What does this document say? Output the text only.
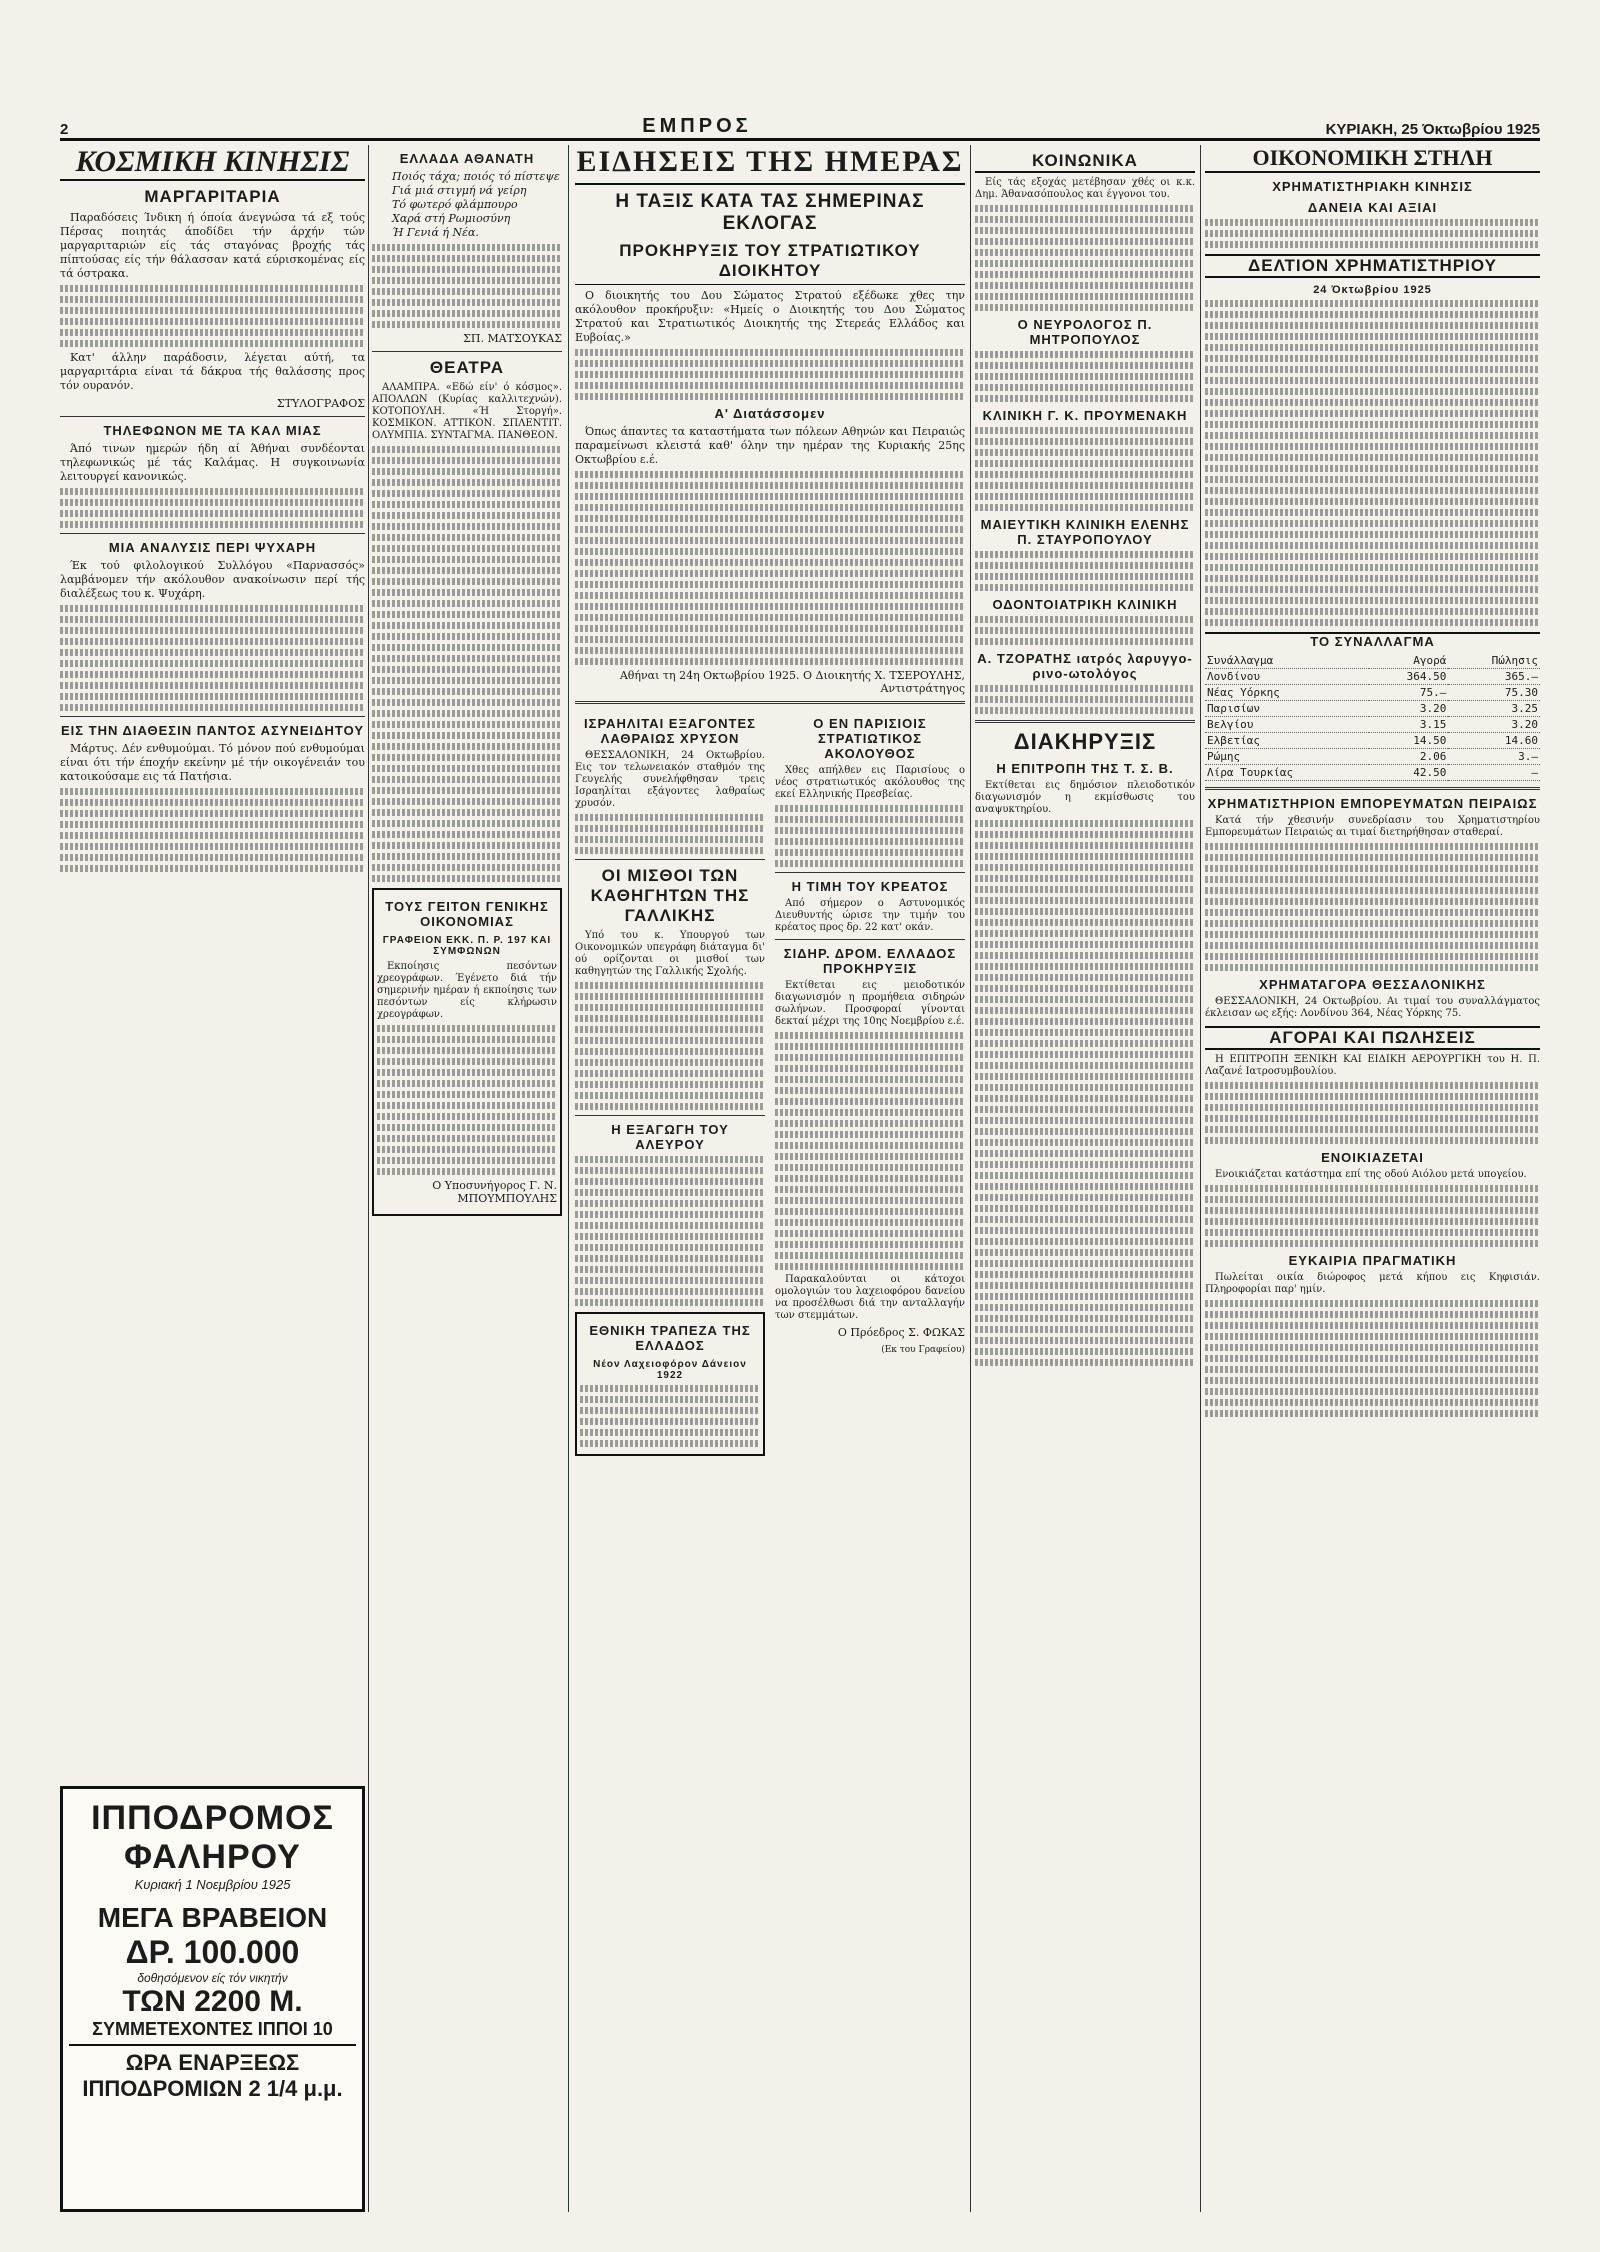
2	ΕΜΠΡΟΣ	ΚΥΡΙΑΚΗ, 25 Όκτωβρίου 1925
ΚΟΣΜΙΚΗ ΚΙΝΗΣΙΣ
ΜΑΡΓΑΡΙΤΑΡΙΑ

Παραδόσεις Ίνδικη ή όποία άνεγνώσα τά εξ τούς Πέρσας ποιητάς άποδίδει τήν άρχήν τών μαργαριταριών είς τάς σταγόνας βροχής τάς πίπτούσας είς τήν θάλασσαν κατά εύρισκομένας είς τά όστρακα.

Κατ' άλλην παράδοσιν, λέγεται αύτή, τα μαργαριτάρια είναι τά δάκρυα τής θαλάσσης προς τόν ουρανόν.

ΣΤΥΛΟΓΡΑΦΟΣ
ΤΗΛΕΦΩΝΟΝ ΜΕ ΤΑ ΚΑΛ ΜΙΑΣ

Άπό τινων ημερών ήδη αί Άθήναι συνδέονται τηλεφωνικώς μέ τάς Καλάμας. Η συγκοινωνία λειτουργεί κανονικώς.

ΜΙΑ ΑΝΑΛΥΣΙΣ ΠΕΡΙ ΨΥΧΑΡΗ

Έκ τού φιλολογικού Συλλόγου «Παρνασσός» λαμβάνομεν τήν ακόλουθον ανακοίνωσιν περί τής διαλέξεως του κ. Ψυχάρη.

ΕΙΣ ΤΗΝ ΔΙΑΘΕΣΙΝ ΠΑΝΤΟΣ ΑΣΥΝΕΙΔΗΤΟΥ

Μάρτυς. Δέν ενθυμούμαι. Τό μόνον πού ενθυμούμαι είναι ότι τήν έποχήν εκείνην μέ τήν οικογένειάν του κατοικούσαμε εις τά Πατήσια.

ΙΠΠΟΔΡΟΜΟΣ ΦΑΛΗΡΟΥ
Κυριακή 1 Νοεμβρίου 1925
ΜΕΓΑ ΒΡΑΒΕΙΟΝ
ΔΡ. 100.000
δοθησόμενον είς τόν νικητήν
ΤΩΝ 2200 Μ.
ΣΥΜΜΕΤΕΧΟΝΤΕΣ ΙΠΠΟΙ 10
ΩΡΑ ΕΝΑΡΞΕΩΣ ΙΠΠΟΔΡΟΜΙΩΝ 2 1/4 μ.μ.
ΕΛΛΑΔΑ ΑΘΑΝΑΤΗ
Ποιός τάχα; ποιός τό πίστεψε
Γιά μιά στιγμή νά γείρη
Τό φωτερό φλάμπουρο
Χαρά στή Ρωμιοσύνη
Ή Γενιά ή Νέα.
ΣΠ. ΜΑΤΣΟΥΚΑΣ
ΘΕΑΤΡΑ

ΑΛΑΜΠΡΑ. «Εδώ είν' ό κόσμος». ΑΠΟΛΛΩΝ (Κυρίας καλλιτεχνών). ΚΟΤΟΠΟΥΛΗ. «Ή Στοργή». ΚΟΣΜΙΚΟΝ. ΑΤΤΙΚΟΝ. ΣΠΛΕΝΤΙΤ. ΟΛΥΜΠΙΑ. ΣΥΝΤΑΓΜΑ. ΠΑΝΘΕΟΝ.

ΤΟΥΣ ΓΕΙΤΟΝ ΓΕΝΙΚΗΣ ΟΙΚΟΝΟΜΙΑΣ
ΓΡΑΦΕΙΟΝ ΕΚΚ. Π. Ρ. 197 ΚΑΙ ΣΥΜΦΩΝΩΝ

Εκποίησις πεσόντων χρεογράφων. Έγένετο διά τήν σημερινήν ημέραν ή εκποίησις των πεσόντων είς κλήρωσιν χρεογράφων.

Ο Υποσυνήγορος Γ. Ν. ΜΠΟΥΜΠΟΥΛΗΣ
ΕΙΔΗΣΕΙΣ ΤΗΣ ΗΜΕΡΑΣ
Η ΤΑΞΙΣ ΚΑΤΑ ΤΑΣ ΣΗΜΕΡΙΝΑΣ ΕΚΛΟΓΑΣ
ΠΡΟΚΗΡΥΞΙΣ ΤΟΥ ΣΤΡΑΤΙΩΤΙΚΟΥ ΔΙΟΙΚΗΤΟΥ

Ο διοικητής του Δου Σώματος Στρατού εξέδωκε χθες την ακόλουθον προκήρυξιν: «Ημείς ο Διοικητής του Δου Σώματος Στρατού και Στρατιωτικός Διοικητής της Στερεάς Ελλάδος και Ευβοίας.»

Α' Διατάσσομεν

Όπως άπαντες τα καταστήματα των πόλεων Αθηνών και Πειραιώς παραμείνωσι κλειστά καθ' όλην την ημέραν της Κυριακής 25ης Οκτωβρίου ε.έ.

Αθήναι τη 24η Οκτωβρίου 1925. Ο Διοικητής Χ. ΤΣΕΡΟΥΛΗΣ, Αντιστράτηγος
ΙΣΡΑΗΛΙΤΑΙ ΕΞΑΓΟΝΤΕΣ ΛΑΘΡΑΙΩΣ ΧΡΥΣΟΝ

ΘΕΣΣΑΛΟΝΙΚΗ, 24 Οκτωβρίου. Εις τον τελωνειακόν σταθμόν της Γευγελής συνελήφθησαν τρεις Ισραηλίται εξάγοντες λαθραίως χρυσόν.

ΟΙ ΜΙΣΘΟΙ ΤΩΝ ΚΑΘΗΓΗΤΩΝ ΤΗΣ ΓΑΛΛΙΚΗΣ

Υπό του κ. Υπουργού των Οικονομικών υπεγράφη διάταγμα δι' ού ορίζονται οι μισθοί των καθηγητών της Γαλλικής Σχολής.

Η ΕΞΑΓΩΓΗ ΤΟΥ ΑΛΕΥΡΟΥ
ΕΘΝΙΚΗ ΤΡΑΠΕΖΑ ΤΗΣ ΕΛΛΑΔΟΣ
Νέον Λαχειοφόρον Δάνειον 1922
Ο ΕΝ ΠΑΡΙΣΙΟΙΣ ΣΤΡΑΤΙΩΤΙΚΟΣ ΑΚΟΛΟΥΘΟΣ

Χθες απήλθεν εις Παρισίους ο νέος στρατιωτικός ακόλουθος της εκεί Ελληνικής Πρεσβείας.

Η ΤΙΜΗ ΤΟΥ ΚΡΕΑΤΟΣ

Από σήμερον ο Αστυνομικός Διευθυντής ώρισε την τιμήν του κρέατος προς δρ. 22 κατ' οκάν.

ΣΙΔΗΡ. ΔΡΟΜ. ΕΛΛΑΔΟΣ ΠΡΟΚΗΡΥΞΙΣ

Εκτίθεται εις μειοδοτικόν διαγωνισμόν η προμήθεια σιδηρών σωλήνων. Προσφοραί γίνονται δεκταί μέχρι της 10ης Νοεμβρίου ε.έ.

Παρακαλούνται οι κάτοχοι ομολογιών του λαχειοφόρου δανείου να προσέλθωσι διά την ανταλλαγήν των στεμμάτων.

Ο Πρόεδρος Σ. ΦΩΚΑΣ
(Εκ του Γραφείου)
ΚΟΙΝΩΝΙΚΑ

Είς τάς εξοχάς μετέβησαν χθές οι κ.κ. Δημ. Άθανασόπουλος και έγγονοι του.

Ο ΝΕΥΡΟΛΟΓΟΣ Π. ΜΗΤΡΟΠΟΥΛΟΣ
ΚΛΙΝΙΚΗ Γ. Κ. ΠΡΟΥΜΕΝΑΚΗ
ΜΑΙΕΥΤΙΚΗ ΚΛΙΝΙΚΗ ΕΛΕΝΗΣ Π. ΣΤΑΥΡΟΠΟΥΛΟΥ
ΟΔΟΝΤΟΙΑΤΡΙΚΗ ΚΛΙΝΙΚΗ
Α. ΤΖΟΡΑΤΗΣ ιατρός λαρυγγο-ρινο-ωτολόγος
ΔΙΑΚΗΡΥΞΙΣ
Η ΕΠΙΤΡΟΠΗ ΤΗΣ Τ. Σ. Β.

Εκτίθεται εις δημόσιον πλειοδοτικόν διαγωνισμόν η εκμίσθωσις του αναψυκτηρίου.

ΟΙΚΟΝΟΜΙΚΗ ΣΤΗΛΗ
ΧΡΗΜΑΤΙΣΤΗΡΙΑΚΗ ΚΙΝΗΣΙΣ
ΔΑΝΕΙΑ ΚΑΙ ΑΞΙΑΙ
ΔΕΛΤΙΟΝ ΧΡΗΜΑΤΙΣΤΗΡΙΟΥ
24 Όκτωβρίου 1925
ΤΟ ΣΥΝΑΛΛΑΓΜΑ
Συνάλλαγμα	Αγορά	Πώλησις
Λονδίνου	364.50	365.—
Νέας Υόρκης	75.—	75.30
Παρισίων	3.20	3.25
Βελγίου	3.15	3.20
Ελβετίας	14.50	14.60
Ρώμης	2.06	3.—
Λίρα Τουρκίας	42.50	—
ΧΡΗΜΑΤΙΣΤΗΡΙΟΝ ΕΜΠΟΡΕΥΜΑΤΩΝ ΠΕΙΡΑΙΩΣ

Κατά τήν χθεσινήν συνεδρίασιν του Χρηματιστηρίου Εμπορευμάτων Πειραιώς αι τιμαί διετηρήθησαν σταθεραί.

ΧΡΗΜΑΤΑΓΟΡΑ ΘΕΣΣΑΛΟΝΙΚΗΣ

ΘΕΣΣΑΛΟΝΙΚΗ, 24 Οκτωβρίου. Αι τιμαί του συναλλάγματος έκλεισαν ως εξής: Λονδίνου 364, Νέας Υόρκης 75.

ΑΓΟΡΑΙ ΚΑΙ ΠΩΛΗΣΕΙΣ

Η ΕΠΙΤΡΟΠΗ ΞΕΝΙΚΗ ΚΑΙ ΕΙΔΙΚΗ ΑΕΡΟΥΡΓΙΚΗ του Η. Π. Λαζανέ Ιατροσυμβουλίου.

ΕΝΟΙΚΙΑΖΕΤΑΙ

Ενοικιάζεται κατάστημα επί της οδού Αιόλου μετά υπογείου.

ΕΥΚΑΙΡΙΑ ΠΡΑΓΜΑΤΙΚΗ

Πωλείται οικία διώροφος μετά κήπου εις Κηφισιάν. Πληροφορίαι παρ' ημίν.
